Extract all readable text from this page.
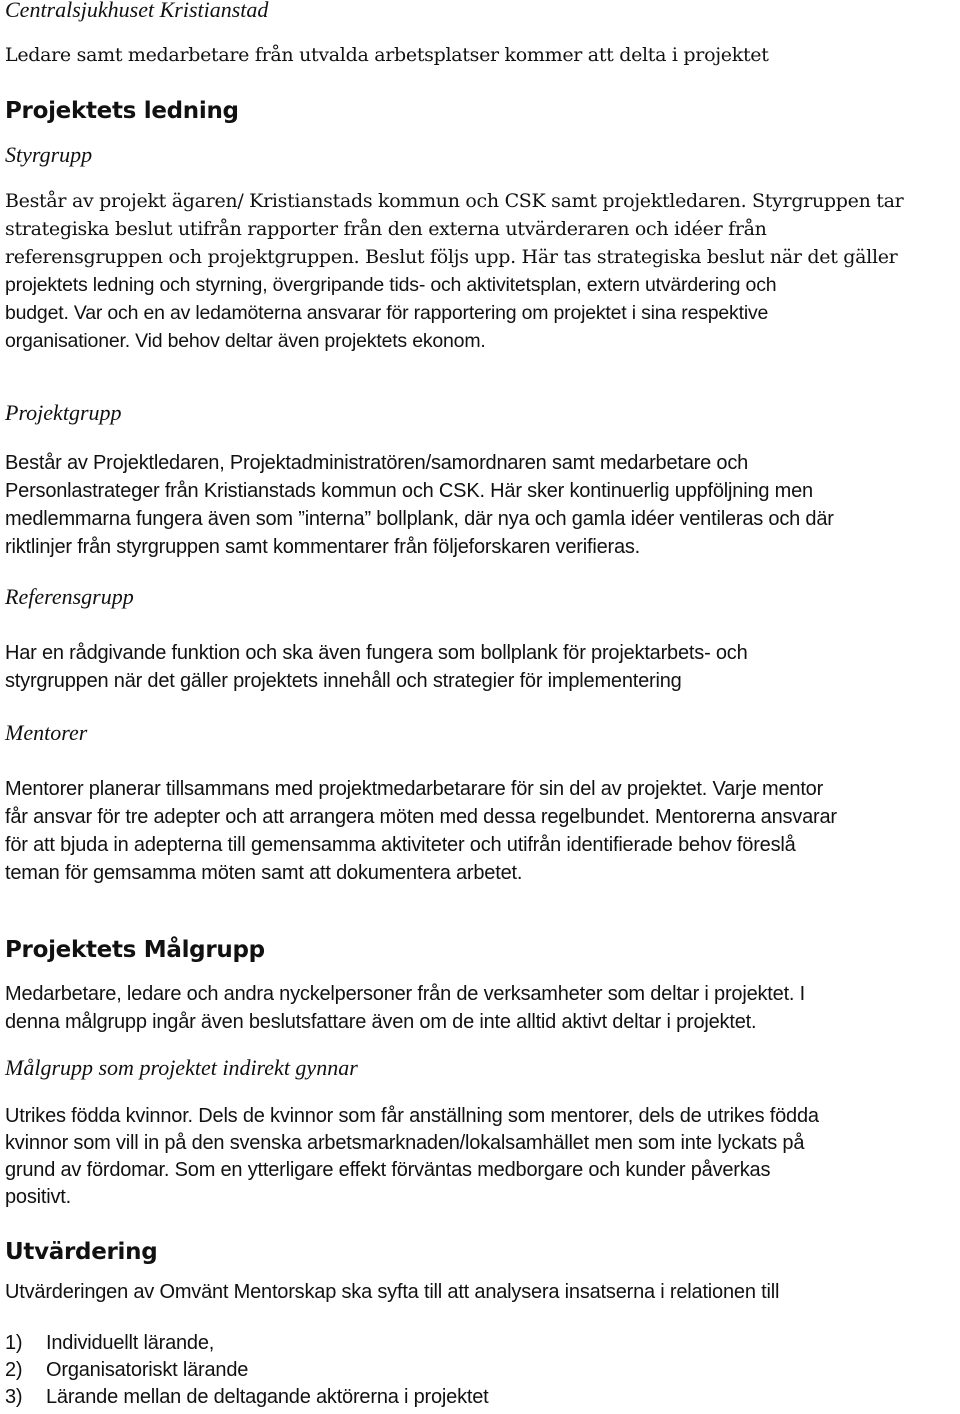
Centralsjukhuset Kristianstad

Ledare samt medarbetare från utvalda arbetsplatser kommer att delta i projektet

Projektets ledning
Styrgrupp
Består av projekt ägaren/ Kristianstads kommun och CSK samt projektledaren. Styrgruppen tar
strategiska beslut utifrån rapporter från den externa utvärderaren och idéer från
referensgruppen och projektgruppen. Beslut följs upp. Här tas strategiska beslut när det gäller
projektets ledning och styrning, övergripande tids- och aktivitetsplan, extern utvärdering och
budget. Var och en av ledamöterna ansvarar för rapportering om projektet i sina respektive
organisationer. Vid behov deltar även projektets ekonom.
Projektgrupp
Består av Projektledaren, Projektadministratören/samordnaren samt medarbetare och
Personlastrateger från Kristianstads kommun och CSK. Här sker kontinuerlig uppföljning men
medlemmarna fungera även som ”interna” bollplank, där nya och gamla idéer ventileras och där
riktlinjer från styrgruppen samt kommentarer från följeforskaren verifieras.
Referensgrupp
Har en rådgivande funktion och ska även fungera som bollplank för projektarbets- och
styrgruppen när det gäller projektets innehåll och strategier för implementering
Mentorer
Mentorer planerar tillsammans med projektmedarbetarare för sin del av projektet. Varje mentor
får ansvar för tre adepter och att arrangera möten med dessa regelbundet. Mentorerna ansvarar
för att bjuda in adepterna till gemensamma aktiviteter och utifrån identifierade behov föreslå
teman för gemsamma möten samt att dokumentera arbetet.
Projektets Målgrupp
Medarbetare, ledare och andra nyckelpersoner från de verksamheter som deltar i projektet. I
denna målgrupp ingår även beslutsfattare även om de inte alltid aktivt deltar i projektet.
Målgrupp som projektet indirekt gynnar
Utrikes födda kvinnor. Dels de kvinnor som får anställning som mentorer, dels de utrikes födda
kvinnor som vill in på den svenska arbetsmarknaden/lokalsamhället men som inte lyckats på
grund av fördomar. Som en ytterligare effekt förväntas medborgare och kunder påverkas
positivt.
Utvärdering

Utvärderingen av Omvänt Mentorskap ska syfta till att analysera insatserna i relationen till

1) Individuellt lärande,
2) Organisatoriskt lärande
3) Lärande mellan de deltagande aktörerna i projektet
